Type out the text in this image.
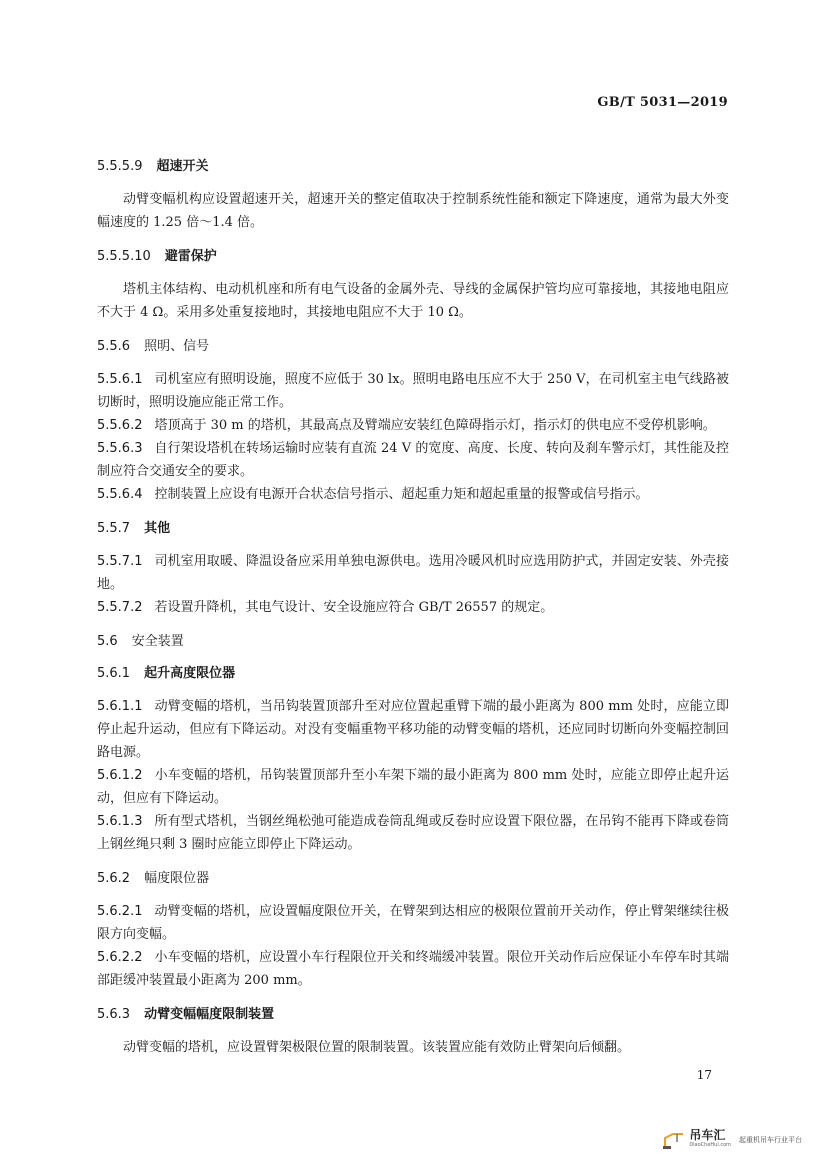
GB/T 5031—2019
5.5.5.9 超速开关

动臂变幅机构应设置超速开关，超速开关的整定值取决于控制系统性能和额定下降速度，通常为最大外变幅速度的 1.25 倍～1.4 倍。

5.5.5.10 避雷保护

塔机主体结构、电动机机座和所有电气设备的金属外壳、导线的金属保护管均应可靠接地，其接地电阻应不大于 4 Ω。采用多处重复接地时，其接地电阻应不大于 10 Ω。

5.5.6 照明、信号

5.5.6.1 司机室应有照明设施，照度不应低于 30 lx。照明电路电压应不大于 250 V，在司机室主电气线路被切断时，照明设施应能正常工作。

5.5.6.2 塔顶高于 30 m 的塔机，其最高点及臂端应安装红色障碍指示灯，指示灯的供电应不受停机影响。

5.5.6.3 自行架设塔机在转场运输时应装有直流 24 V 的宽度、高度、长度、转向及刹车警示灯，其性能及控制应符合交通安全的要求。

5.5.6.4 控制装置上应设有电源开合状态信号指示、超起重力矩和超起重量的报警或信号指示。

5.5.7 其他

5.5.7.1 司机室用取暖、降温设备应采用单独电源供电。选用冷暖风机时应选用防护式，并固定安装、外壳接地。

5.5.7.2 若设置升降机，其电气设计、安全设施应符合 GB/T 26557 的规定。

5.6 安全装置
5.6.1 起升高度限位器

5.6.1.1 动臂变幅的塔机，当吊钩装置顶部升至对应位置起重臂下端的最小距离为 800 mm 处时，应能立即停止起升运动，但应有下降运动。对没有变幅重物平移功能的动臂变幅的塔机，还应同时切断向外变幅控制回路电源。

5.6.1.2 小车变幅的塔机，吊钩装置顶部升至小车架下端的最小距离为 800 mm 处时，应能立即停止起升运动，但应有下降运动。

5.6.1.3 所有型式塔机，当钢丝绳松弛可能造成卷筒乱绳或反卷时应设置下限位器，在吊钩不能再下降或卷筒上钢丝绳只剩 3 圈时应能立即停止下降运动。

5.6.2 幅度限位器

5.6.2.1 动臂变幅的塔机，应设置幅度限位开关，在臂架到达相应的极限位置前开关动作，停止臂架继续往极限方向变幅。

5.6.2.2 小车变幅的塔机，应设置小车行程限位开关和终端缓冲装置。限位开关动作后应保证小车停车时其端部距缓冲装置最小距离为 200 mm。

5.6.3 动臂变幅幅度限制装置

动臂变幅的塔机，应设置臂架极限位置的限制装置。该装置应能有效防止臂架向后倾翻。

17
吊车汇
DiaoCheHui.com
起重机吊车行业平台
